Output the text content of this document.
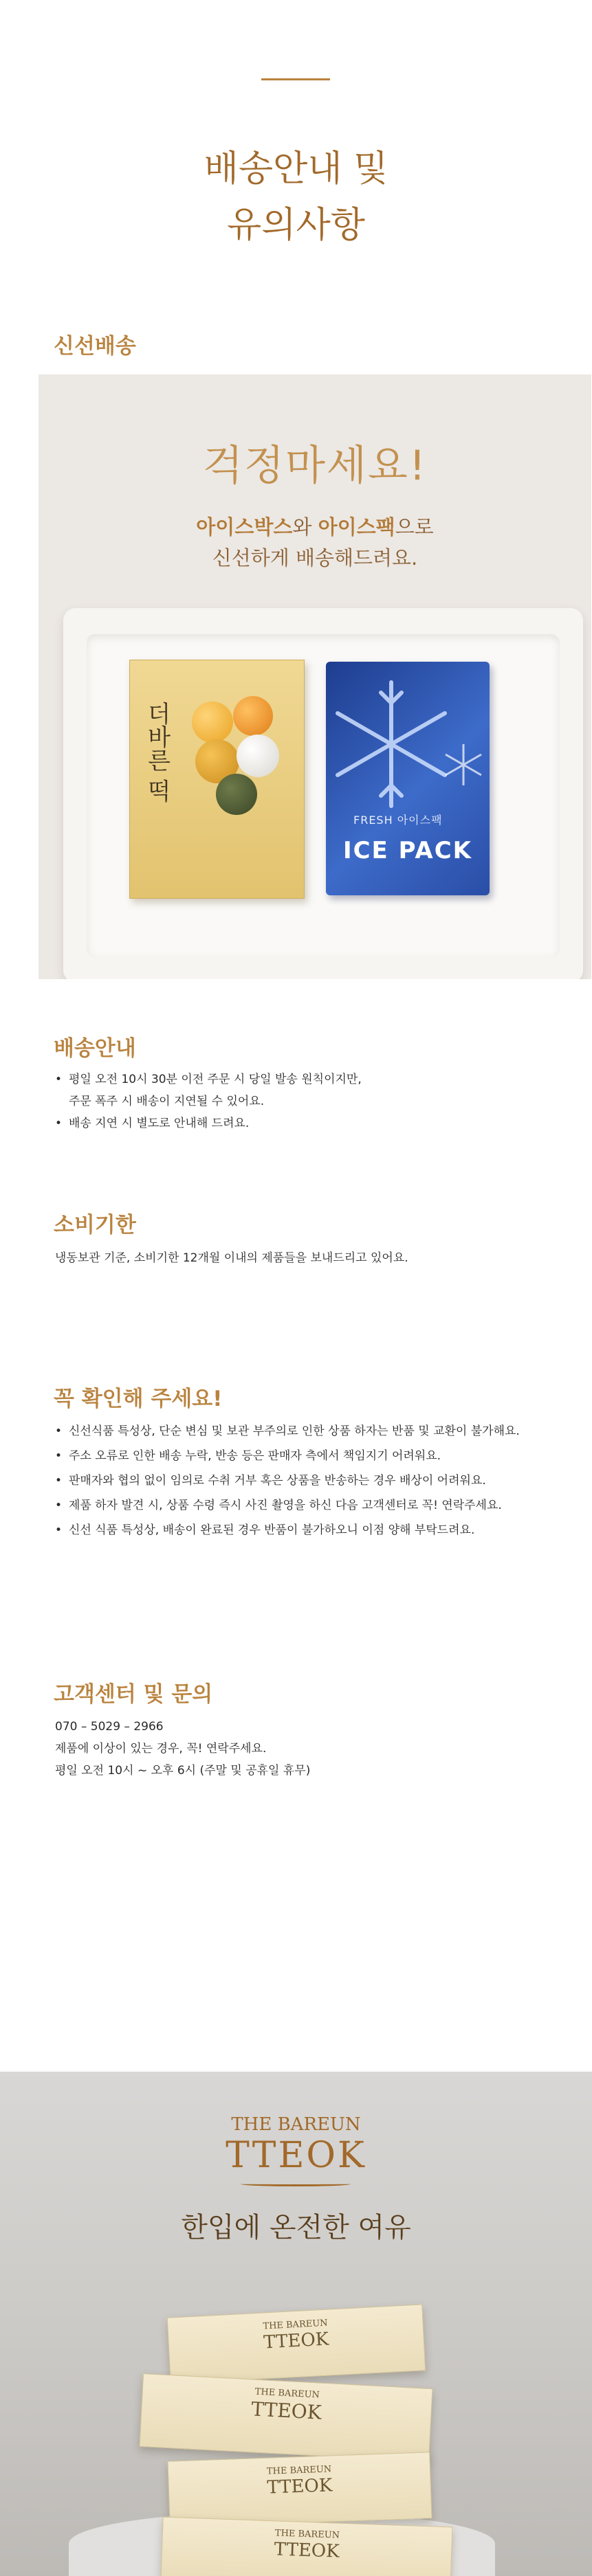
배송안내 및
유의사항
신선배송
걱정마세요!
아이스박스와 아이스팩으로
신선하게 배송해드려요.
더바른 떡
FRESH 아이스팩
ICE PACK
배송안내
• 평일 오전 10시 30분 이전 주문 시 당일 발송 원칙이지만,
주문 폭주 시 배송이 지연될 수 있어요.
• 배송 지연 시 별도로 안내해 드려요.
소비기한
냉동보관 기준, 소비기한 12개월 이내의 제품들을 보내드리고 있어요.
꼭 확인해 주세요!
• 신선식품 특성상, 단순 변심 및 보관 부주의로 인한 상품 하자는 반품 및 교환이 불가해요.
• 주소 오류로 인한 배송 누락, 반송 등은 판매자 측에서 책임지기 어려워요.
• 판매자와 협의 없이 임의로 수취 거부 혹은 상품을 반송하는 경우 배상이 어려워요.
• 제품 하자 발견 시, 상품 수령 즉시 사진 촬영을 하신 다음 고객센터로 꼭! 연락주세요.
• 신선 식품 특성상, 배송이 완료된 경우 반품이 불가하오니 이점 양해 부탁드려요.
고객센터 및 문의
070 – 5029 – 2966
제품에 이상이 있는 경우, 꼭! 연락주세요.
평일 오전 10시 ~ 오후 6시 (주말 및 공휴일 휴무)
THE BAREUN
TTEOK
한입에 온전한 여유
THE BAREUN
TTEOK
THE BAREUN
TTEOK
THE BAREUN
TTEOK
THE BAREUN
TTEOK
